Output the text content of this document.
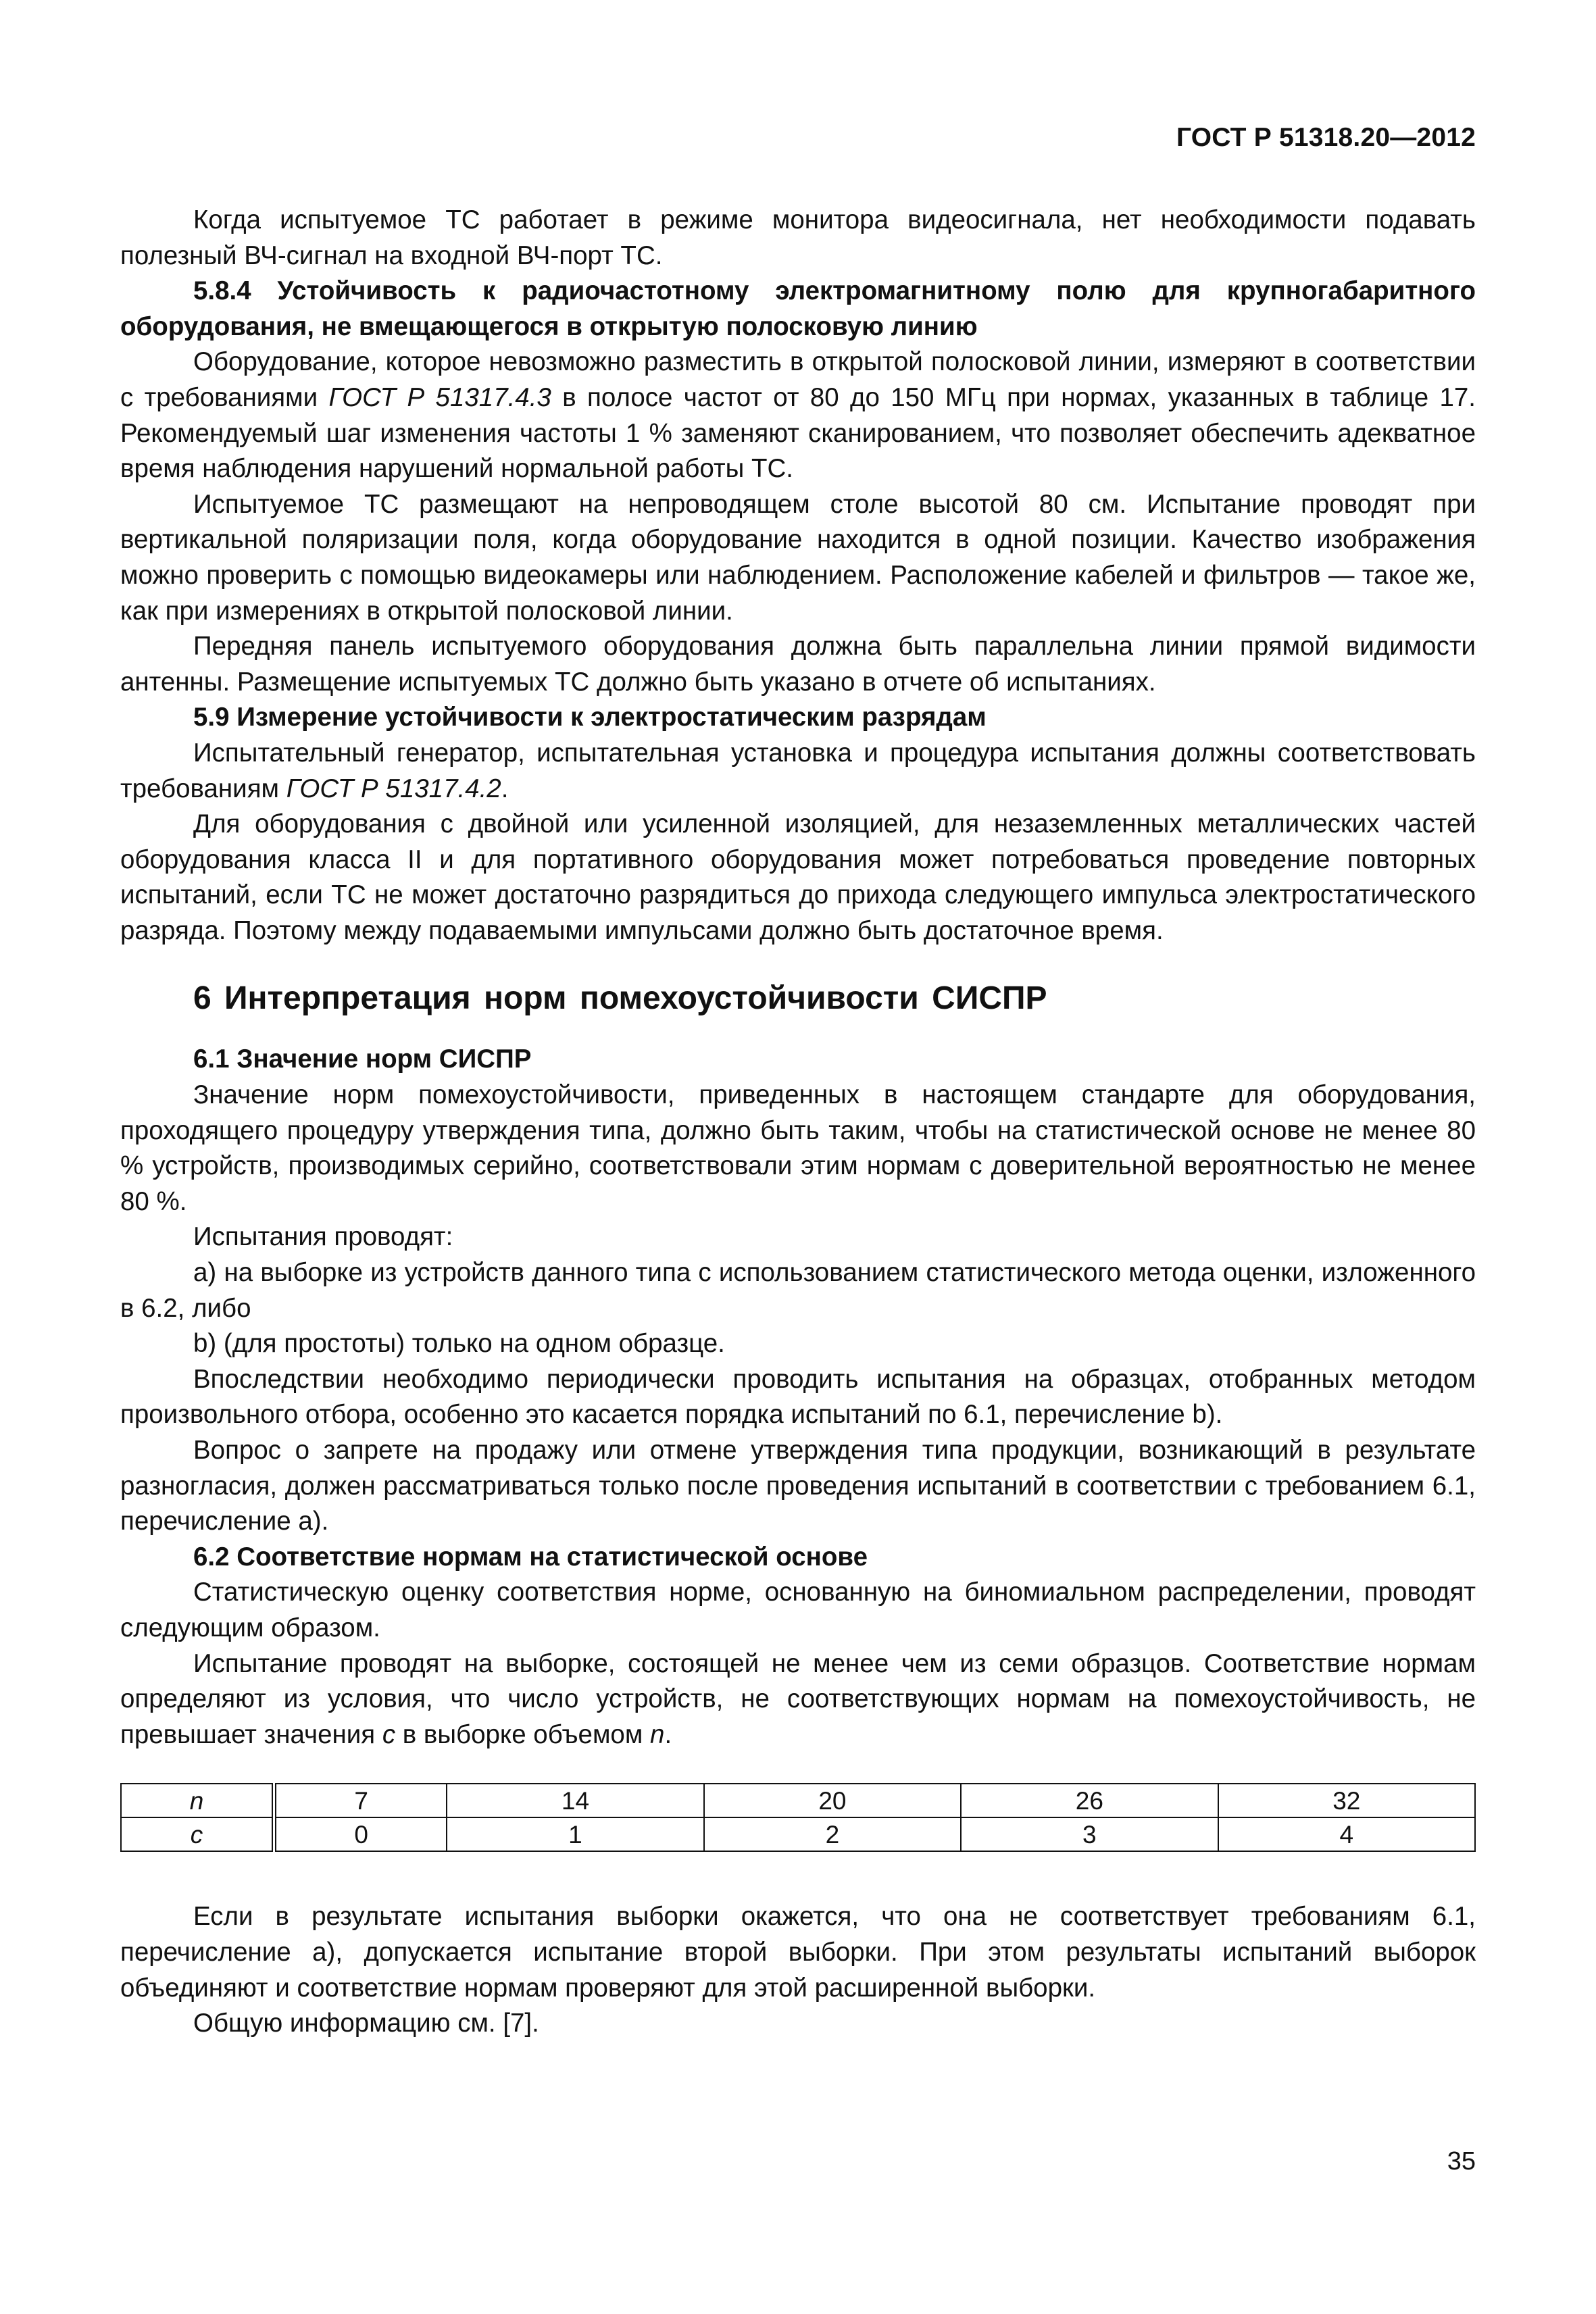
ГОСТ Р 51318.20—2012

Когда испытуемое ТС работает в режиме монитора видеосигнала, нет необходимости подавать полезный ВЧ-сигнал на входной ВЧ-порт ТС.

5.8.4 Устойчивость к радиочастотному электромагнитному полю для крупногабаритного оборудования, не вмещающегося в открытую полосковую линию

Оборудование, которое невозможно разместить в открытой полосковой линии, измеряют в соответствии с требованиями ГОСТ Р 51317.4.3 в полосе частот от 80 до 150 МГц при нормах, указанных в таблице 17. Рекомендуемый шаг изменения частоты 1 % заменяют сканированием, что позволяет обеспечить адекватное время наблюдения нарушений нормальной работы ТС.

Испытуемое ТС размещают на непроводящем столе высотой 80 см. Испытание проводят при вертикальной поляризации поля, когда оборудование находится в одной позиции. Качество изображения можно проверить с помощью видеокамеры или наблюдением. Расположение кабелей и фильтров — такое же, как при измерениях в открытой полосковой линии.

Передняя панель испытуемого оборудования должна быть параллельна линии прямой видимости антенны. Размещение испытуемых ТС должно быть указано в отчете об испытаниях.

5.9 Измерение устойчивости к электростатическим разрядам

Испытательный генератор, испытательная установка и процедура испытания должны соответствовать требованиям ГОСТ Р 51317.4.2.

Для оборудования с двойной или усиленной изоляцией, для незаземленных металлических частей оборудования класса II и для портативного оборудования может потребоваться проведение повторных испытаний, если ТС не может достаточно разрядиться до прихода следующего импульса электростатического разряда. Поэтому между подаваемыми импульсами должно быть достаточное время.

6 Интерпретация норм помехоустойчивости СИСПР

6.1 Значение норм СИСПР

Значение норм помехоустойчивости, приведенных в настоящем стандарте для оборудования, проходящего процедуру утверждения типа, должно быть таким, чтобы на статистической основе не менее 80 % устройств, производимых серийно, соответствовали этим нормам с доверительной вероятностью не менее 80 %.

Испытания проводят:

a) на выборке из устройств данного типа с использованием статистического метода оценки, изложенного в 6.2, либо

b) (для простоты) только на одном образце.

Впоследствии необходимо периодически проводить испытания на образцах, отобранных методом произвольного отбора, особенно это касается порядка испытаний по 6.1, перечисление b).

Вопрос о запрете на продажу или отмене утверждения типа продукции, возникающий в результате разногласия, должен рассматриваться только после проведения испытаний в соответствии с требованием 6.1, перечисление a).

6.2 Соответствие нормам на статистической основе

Статистическую оценку соответствия норме, основанную на биномиальном распределении, проводят следующим образом.

Испытание проводят на выборке, состоящей не менее чем из семи образцов. Соответствие нормам определяют из условия, что число устройств, не соответствующих нормам на помехоустойчивость, не превышает значения c в выборке объемом n.

n	7	14	20	26	32
c	0	1	2	3	4

Если в результате испытания выборки окажется, что она не соответствует требованиям 6.1, перечисление a), допускается испытание второй выборки. При этом результаты испытаний выборок объединяют и соответствие нормам проверяют для этой расширенной выборки.

Общую информацию см. [7].

35
